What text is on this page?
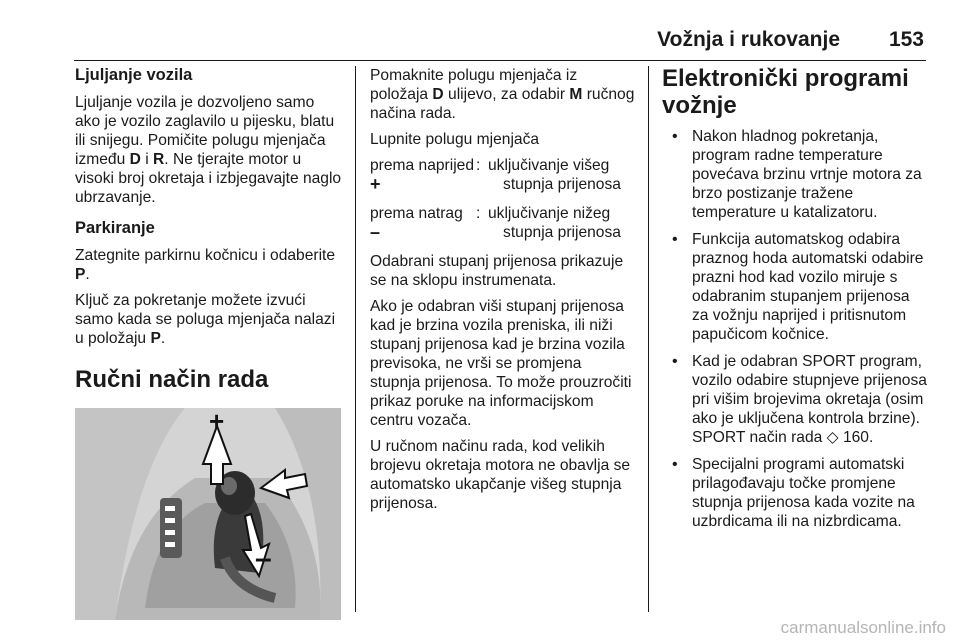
Vožnja i rukovanje 153
Ljuljanje vozila

Ljuljanje vozila je dozvoljeno samo ako je vozilo zaglavilo u pijesku, blatu ili snijegu. Pomičite polugu mjenjača između D i R. Ne tjerajte motor u visoki broj okretaja i izbjegavajte naglo ubrzavanje.

Parkiranje

Zategnite parkirnu kočnicu i odaberite P.

Ključ za pokretanje možete izvući samo kada se poluga mjenjača nalazi u položaju P.

Ručni način rada
+
–

Pomaknite polugu mjenjača iz položaja D ulijevo, za odabir M ručnog načina rada.

Lupnite polugu mjenjača

prema naprijed +
: uključivanje višeg
stupnja prijenosa
prema natrag –
: uključivanje nižeg
stupnja prijenosa

Odabrani stupanj prijenosa prikazuje se na sklopu instrumenata.

Ako je odabran viši stupanj prijenosa kad je brzina vozila preniska, ili niži stupanj prijenosa kad je brzina vozila previsoka, ne vrši se promjena stupnja prijenosa. To može prouzročiti prikaz poruke na informacijskom centru vozača.

U ručnom načinu rada, kod velikih brojevu okretaja motora ne obavlja se automatsko ukapčanje višeg stupnja prijenosa.

Elektronički programi vožnje
• Nakon hladnog pokretanja, program radne temperature povećava brzinu vrtnje motora za brzo postizanje tražene temperature u katalizatoru.
• Funkcija automatskog odabira praznog hoda automatski odabire prazni hod kad vozilo miruje s odabranim stupanjem prijenosa za vožnju naprijed i pritisnutom papučicom kočnice.
• Kad je odabran SPORT program, vozilo odabire stupnjeve prijenosa pri višim brojevima okretaja (osim ako je uključena kontrola brzine). SPORT način rada ◇ 160.
• Specijalni programi automatski prilagođavaju točke promjene stupnja prijenosa kada vozite na uzbrdicama ili na nizbrdicama.
carmanualsonline.info
